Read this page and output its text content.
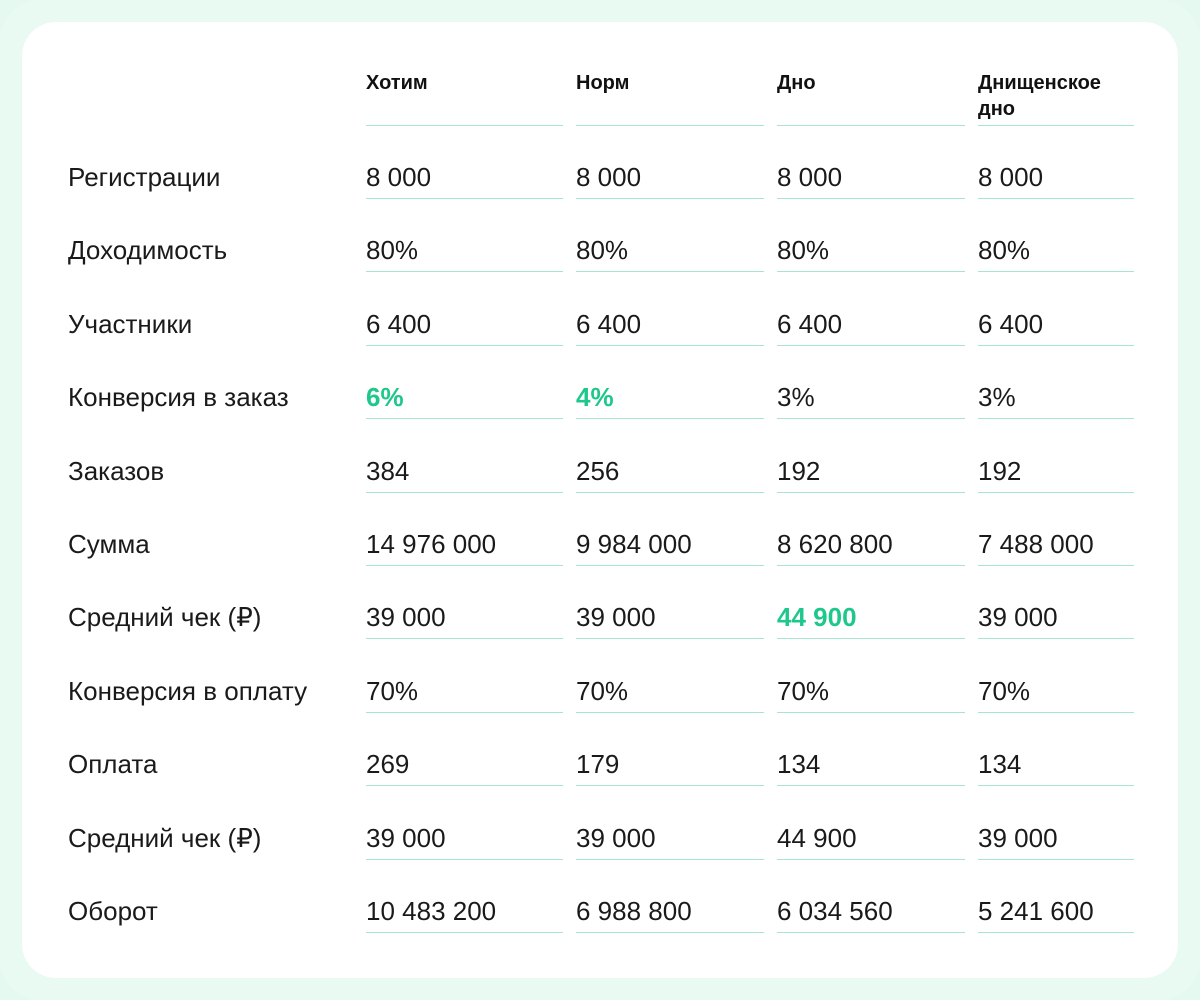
Хотим	Норм	Дно	Днищенское дно
Регистрации	8 000	8 000	8 000	8 000
Доходимость	80%	80%	80%	80%
Участники	6 400	6 400	6 400	6 400
Конверсия в заказ	6%	4%	3%	3%
Заказов	384	256	192	192
Сумма	14 976 000	9 984 000	8 620 800	7 488 000
Средний чек (₽)	39 000	39 000	44 900	39 000
Конверсия в оплату 70%	70%	70%	70%
Оплата	269	179	134	134
Средний чек (₽)	39 000	39 000	44 900	39 000
Оборот	10 483 200	6 988 800	6 034 560	5 241 600
